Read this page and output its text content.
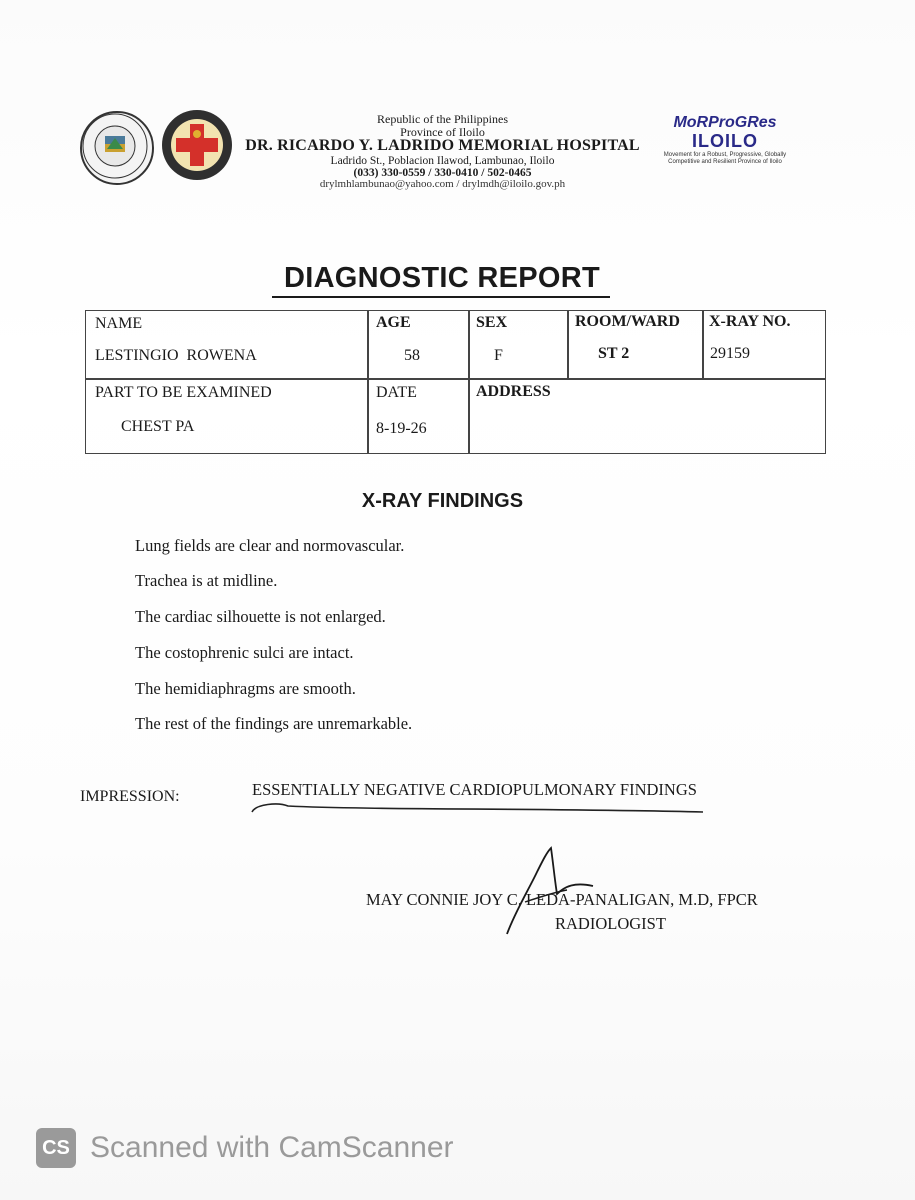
Republic of the Philippines
Province of Iloilo
DR. RICARDO Y. LADRIDO MEMORIAL HOSPITAL
Ladrido St., Poblacion Ilawod, Lambunao, Iloilo
(033) 330-0559 / 330-0410 / 502-0465
drylmhlambunao@yahoo.com / drylmdh@iloilo.gov.ph
MoRProGRes
ILOILO
Movement for a Robust, Progressive, Globally Competitive and Resilient Province of Iloilo
DIAGNOSTIC REPORT
NAME
LESTINGIO  ROWENA
AGE
58
SEX
F
ROOM/WARD
ST 2
X-RAY NO.
29159
PART TO BE EXAMINED
CHEST PA
DATE
8-19-26
ADDRESS
X-RAY FINDINGS
Lung fields are clear and normovascular.
Trachea is at midline.
The cardiac silhouette is not enlarged.
The costophrenic sulci are intact.
The hemidiaphragms are smooth.
The rest of the findings are unremarkable.
IMPRESSION:	ESSENTIALLY NEGATIVE CARDIOPULMONARY FINDINGS
MAY CONNIE JOY C. LEDA-PANALIGAN, M.D, FPCR
RADIOLOGIST
CS Scanned with CamScanner
